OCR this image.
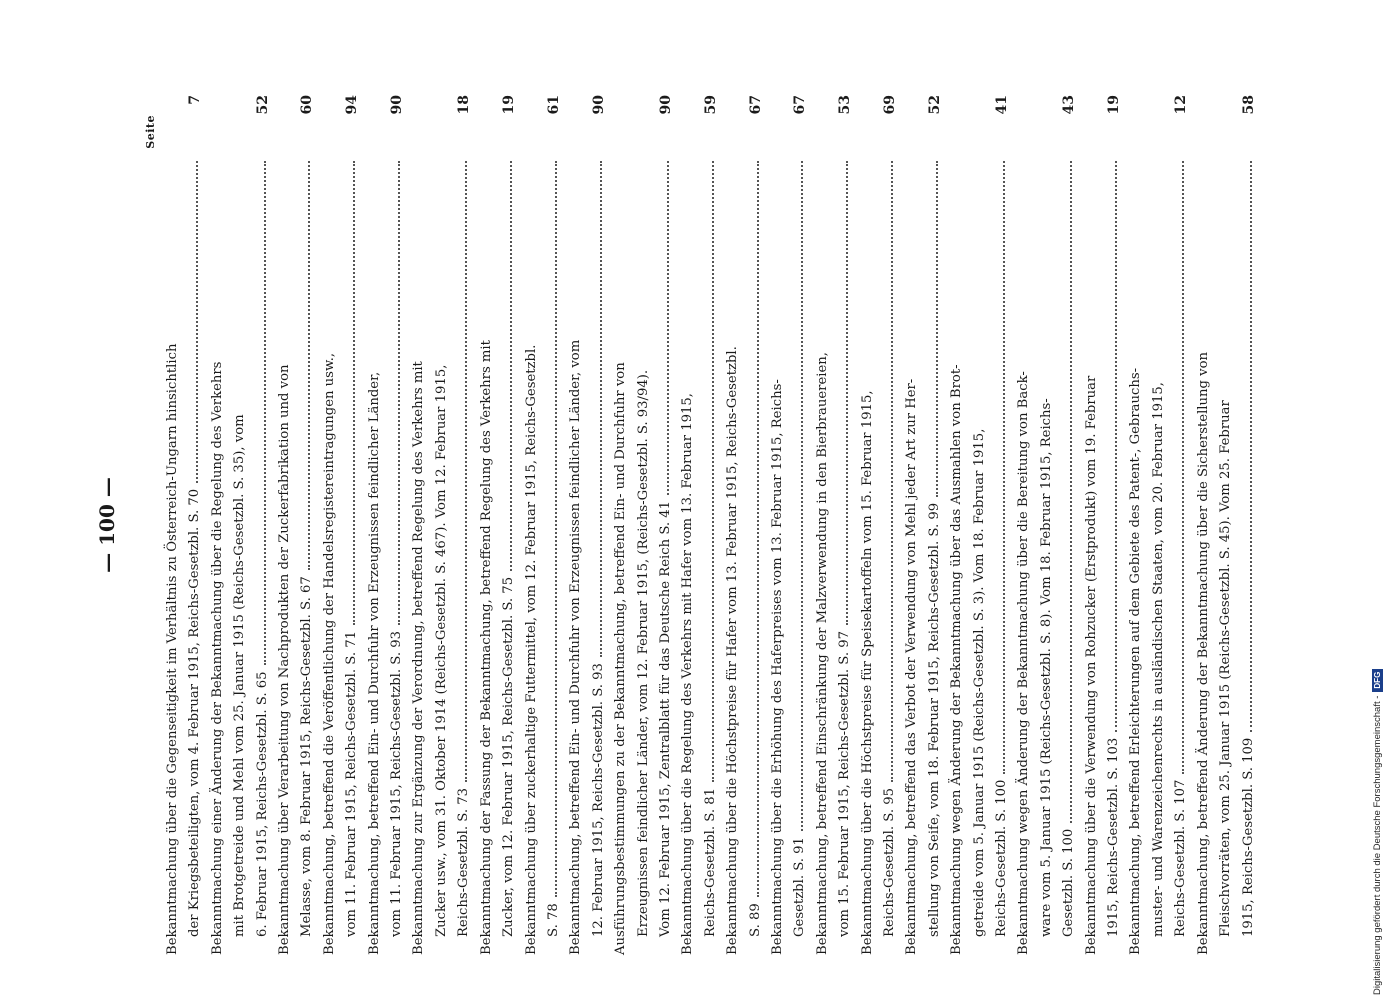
— 100 —
Seite
Bekanntmachung über die Gegenseitigkeit im Verhältnis zu Österreich-Ungarn hinsichtlich der Kriegsbeteiligten, vom 4. Februar 1915, Reichs-Gesetzbl. S. 70
7
Bekanntmachung einer Änderung der Bekanntmachung über die Regelung des Verkehrs mit Brotgetreide und Mehl vom 25. Januar 1915 (Reichs-Gesetzbl. S. 35), vom 6. Februar 1915, Reichs-Gesetzbl. S. 65
52
Bekanntmachung über Verarbeitung von Nachprodukten der Zuckerfabrikation und von Melasse, vom 8. Februar 1915, Reichs-Gesetzbl. S. 67
60
Bekanntmachung, betreffend die Veröffentlichung der Handelsregistereintragungen usw., vom 11. Februar 1915, Reichs-Gesetzbl. S. 71
94
Bekanntmachung, betreffend Ein- und Durchfuhr von Erzeugnissen feindlicher Länder, vom 11. Februar 1915, Reichs-Gesetzbl. S. 93
90
Bekanntmachung zur Ergänzung der Verordnung, betreffend Regelung des Verkehrs mit Zucker usw., vom 31. Oktober 1914 (Reichs-Gesetzbl. S. 467). Vom 12. Februar 1915, Reichs-Gesetzbl. S. 73
18
Bekanntmachung der Fassung der Bekanntmachung, betreffend Regelung des Verkehrs mit Zucker, vom 12. Februar 1915, Reichs-Gesetzbl. S. 75
19
Bekanntmachung über zuckerhaltige Futtermittel, vom 12. Februar 1915, Reichs-Gesetzbl. S. 78
61
Bekanntmachung, betreffend Ein- und Durchfuhr von Erzeugnissen feindlicher Länder, vom 12. Februar 1915, Reichs-Gesetzbl. S. 93
90
Ausführungsbestimmungen zu der Bekanntmachung, betreffend Ein- und Durchfuhr von Erzeugnissen feindlicher Länder, vom 12. Februar 1915, (Reichs-Gesetzbl. S. 93/94). Vom 12. Februar 1915, Zentralblatt für das Deutsche Reich S. 41
90
Bekanntmachung über die Regelung des Verkehrs mit Hafer vom 13. Februar 1915, Reichs-Gesetzbl. S. 81
59
Bekanntmachung über die Höchstpreise für Hafer vom 13. Februar 1915, Reichs-Gesetzbl. S. 89
67
Bekanntmachung über die Erhöhung des Haferpreises vom 13. Februar 1915, Reichs- Gesetzbl. S. 91
67
Bekanntmachung, betreffend Einschränkung der Malzverwendung in den Bierbrauereien, vom 15. Februar 1915, Reichs-Gesetzbl. S. 97
53
Bekanntmachung über die Höchstpreise für Speisekartoffeln vom 15. Februar 1915, Reichs-Gesetzbl. S. 95
69
Bekanntmachung, betreffend das Verbot der Verwendung von Mehl jeder Art zur Her- stellung von Seife, vom 18. Februar 1915, Reichs-Gesetzbl. S. 99
52
Bekanntmachung wegen Änderung der Bekanntmachung über das Ausmahlen von Brot- getreide vom 5. Januar 1915 (Reichs-Gesetzbl. S. 3). Vom 18. Februar 1915, Reichs-Gesetzbl. S. 100
41
Bekanntmachung wegen Änderung der Bekanntmachung über die Bereitung von Back- ware vom 5. Januar 1915 (Reichs-Gesetzbl. S. 8). Vom 18. Februar 1915, Reichs- Gesetzbl. S. 100
43
Bekanntmachung über die Verwendung von Rohzucker (Erstprodukt) vom 19. Februar 1915, Reichs-Gesetzbl. S. 103
19
Bekanntmachung, betreffend Erleichterungen auf dem Gebiete des Patent-, Gebrauchs- muster- und Warenzeichenrechts in ausländischen Staaten, vom 20. Februar 1915, Reichs-Gesetzbl. S. 107
12
Bekanntmachung, betreffend Änderung der Bekanntmachung über die Sicherstellung von Fleischvorräten, vom 25. Januar 1915 (Reichs-Gesetzbl. S. 45). Vom 25. Februar 1915, Reichs-Gesetzbl. S. 109
58
Digitalisierung gefördert durch die Deutsche Forschungsgemeinschaft -
DFG
